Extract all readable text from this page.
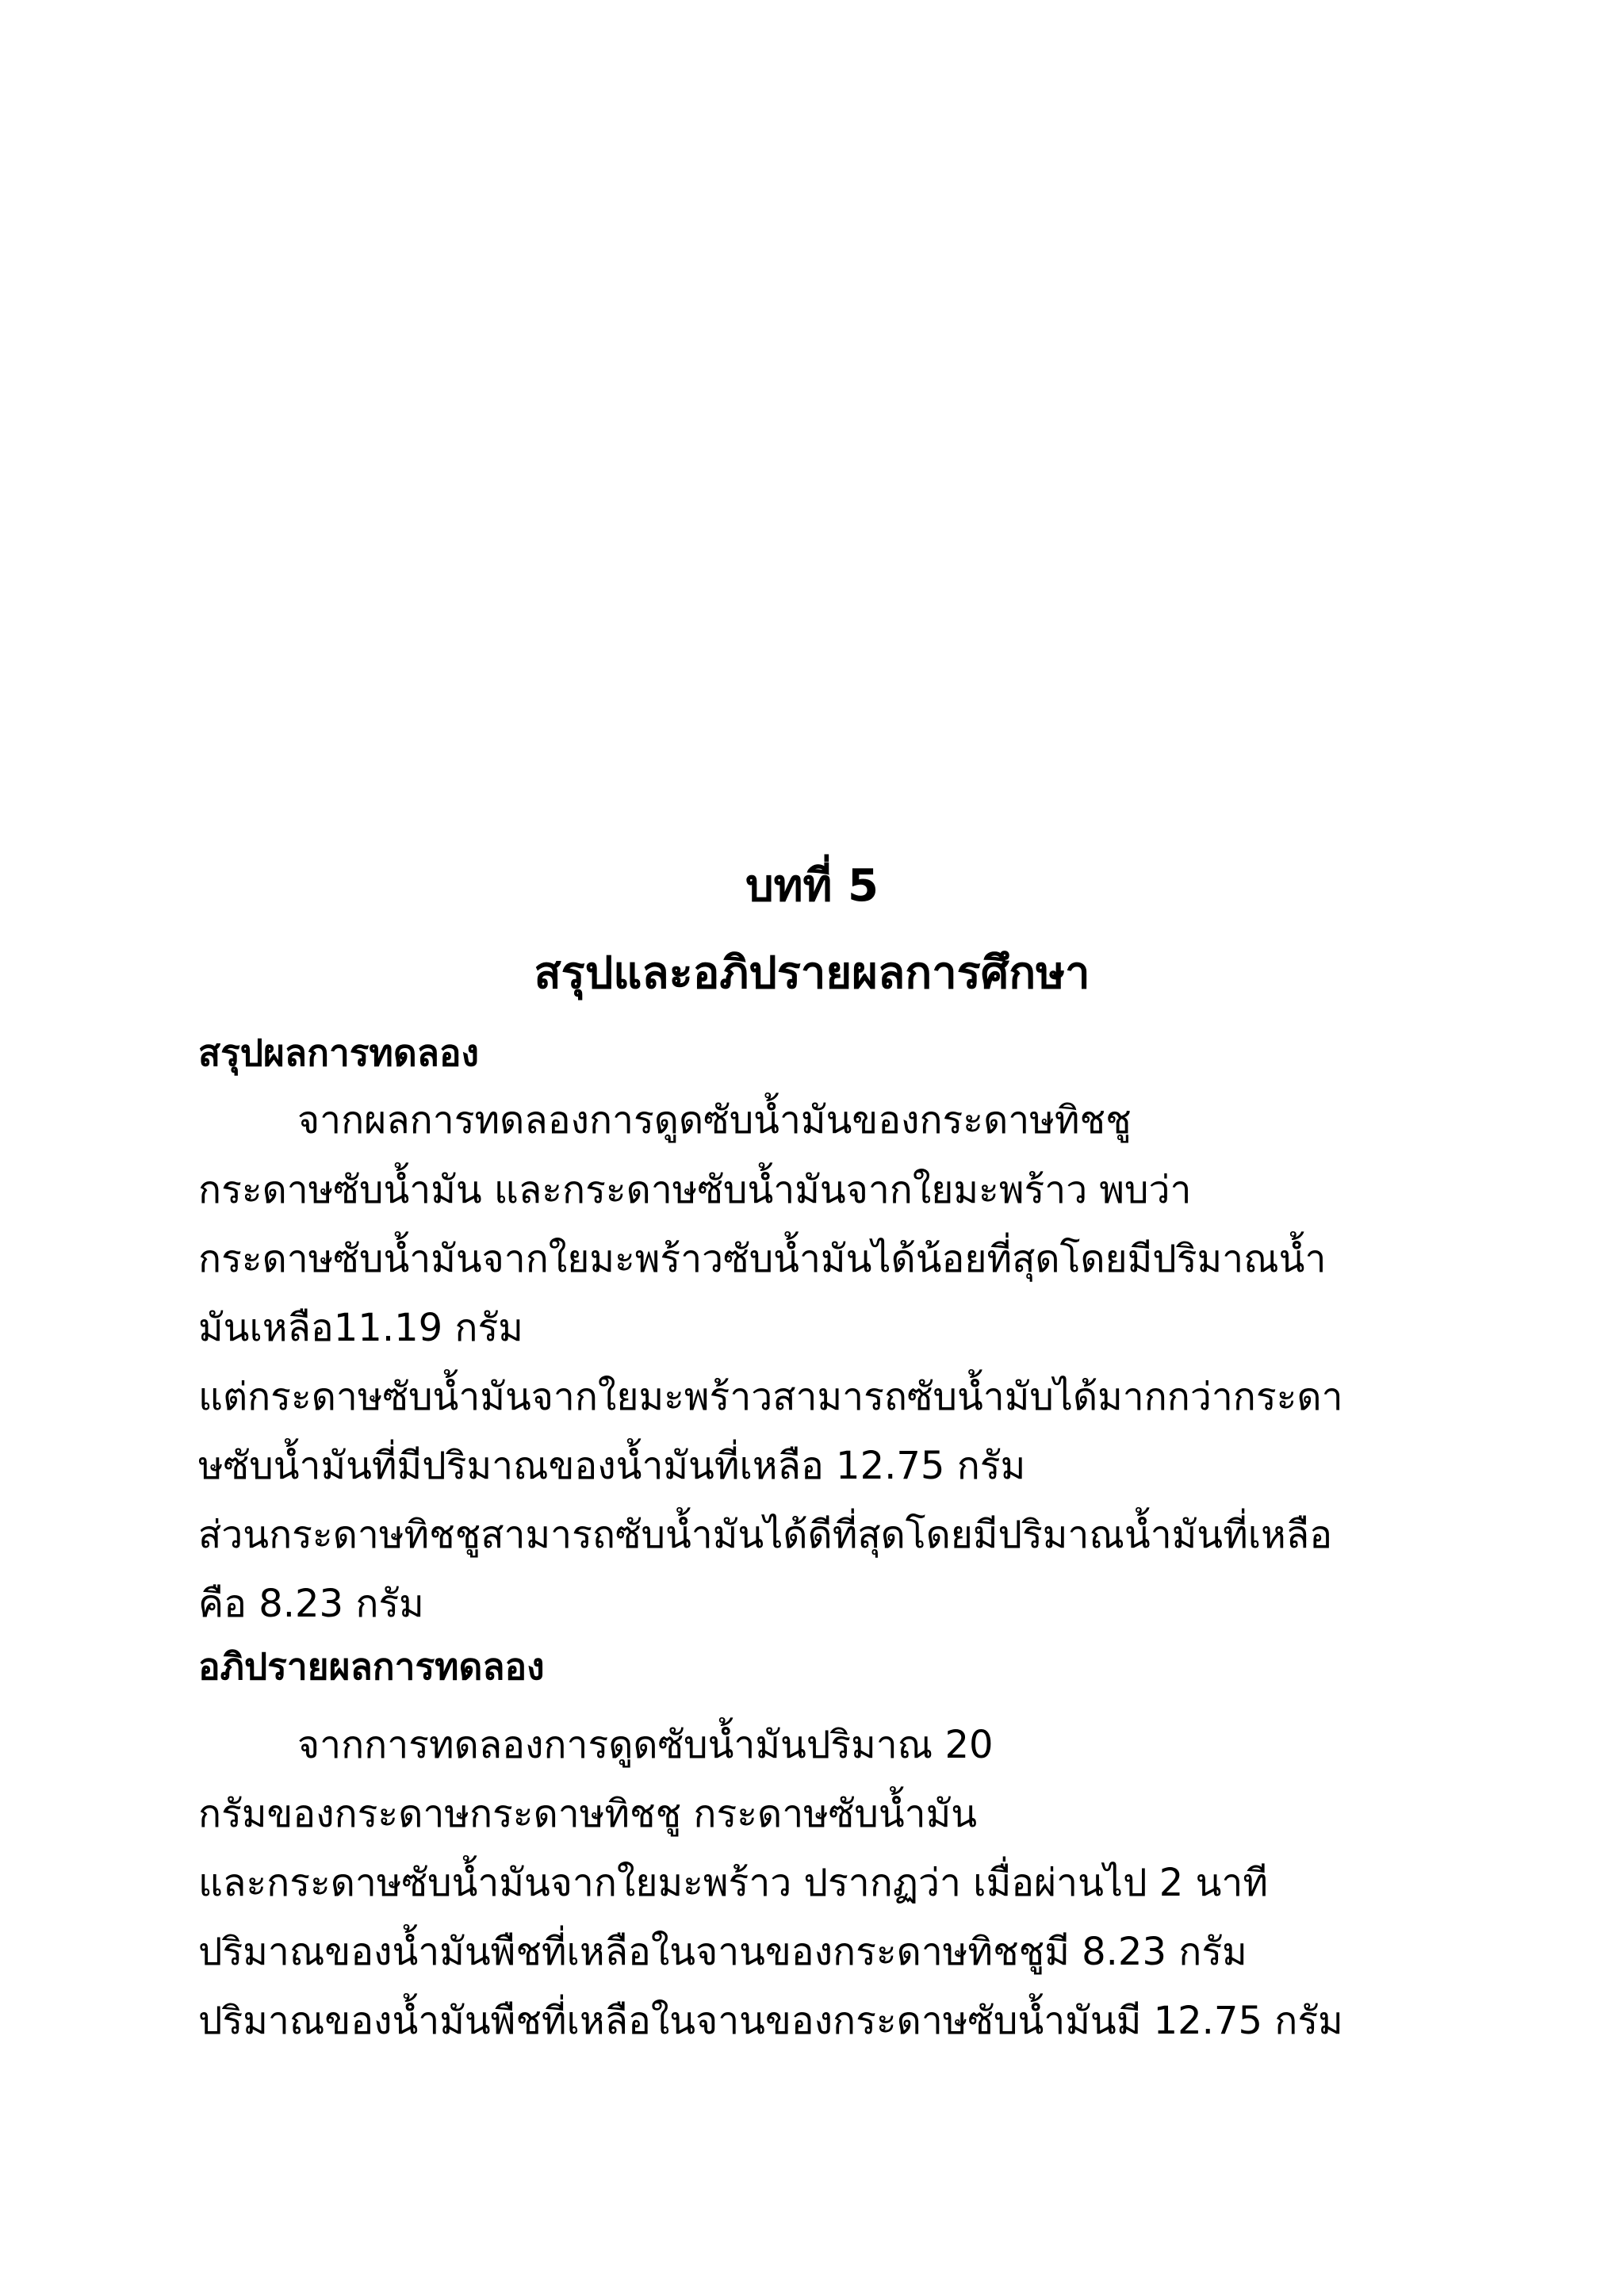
บทที่ 5
สรุปและอภิปรายผลการศึกษา
สรุปผลการทดลอง
จากผลการทดลองการดูดซับน้ำมันของกระดาษทิชชู
กระดาษซับน้ำมัน และกระดาษซับน้ำมันจากใยมะพร้าว พบว่า
กระดาษซับน้ำมันจากใยมะพร้าวซับน้ำมันได้น้อยที่สุดโดยมีปริมาณน้ำ
มันเหลือ11.19 กรัม
แต่กระดาษซับน้ำมันจากใยมะพร้าวสามารถซับน้ำมับได้มากกว่ากระดา
ษซับน้ำมันที่มีปริมาณของน้ำมันที่เหลือ 12.75 กรัม
ส่วนกระดาษทิชชูสามารถซับน้ำมันได้ดีที่สุดโดยมีปริมาณน้ำมันที่เหลือ
คือ 8.23 กรัม
อภิปรายผลการทดลอง
จากการทดลองการดูดซับน้ำมันปริมาณ 20
กรัมของกระดาษกระดาษทิชชู กระดาษซับน้ำมัน
และกระดาษซับน้ำมันจากใยมะพร้าว ปรากฏว่า เมื่อผ่านไป 2 นาที
ปริมาณของน้ำมันพืชที่เหลือในจานของกระดาษทิชชูมี 8.23 กรัม
ปริมาณของน้ำมันพืชที่เหลือในจานของกระดาษซับน้ำมันมี 12.75 กรัม
